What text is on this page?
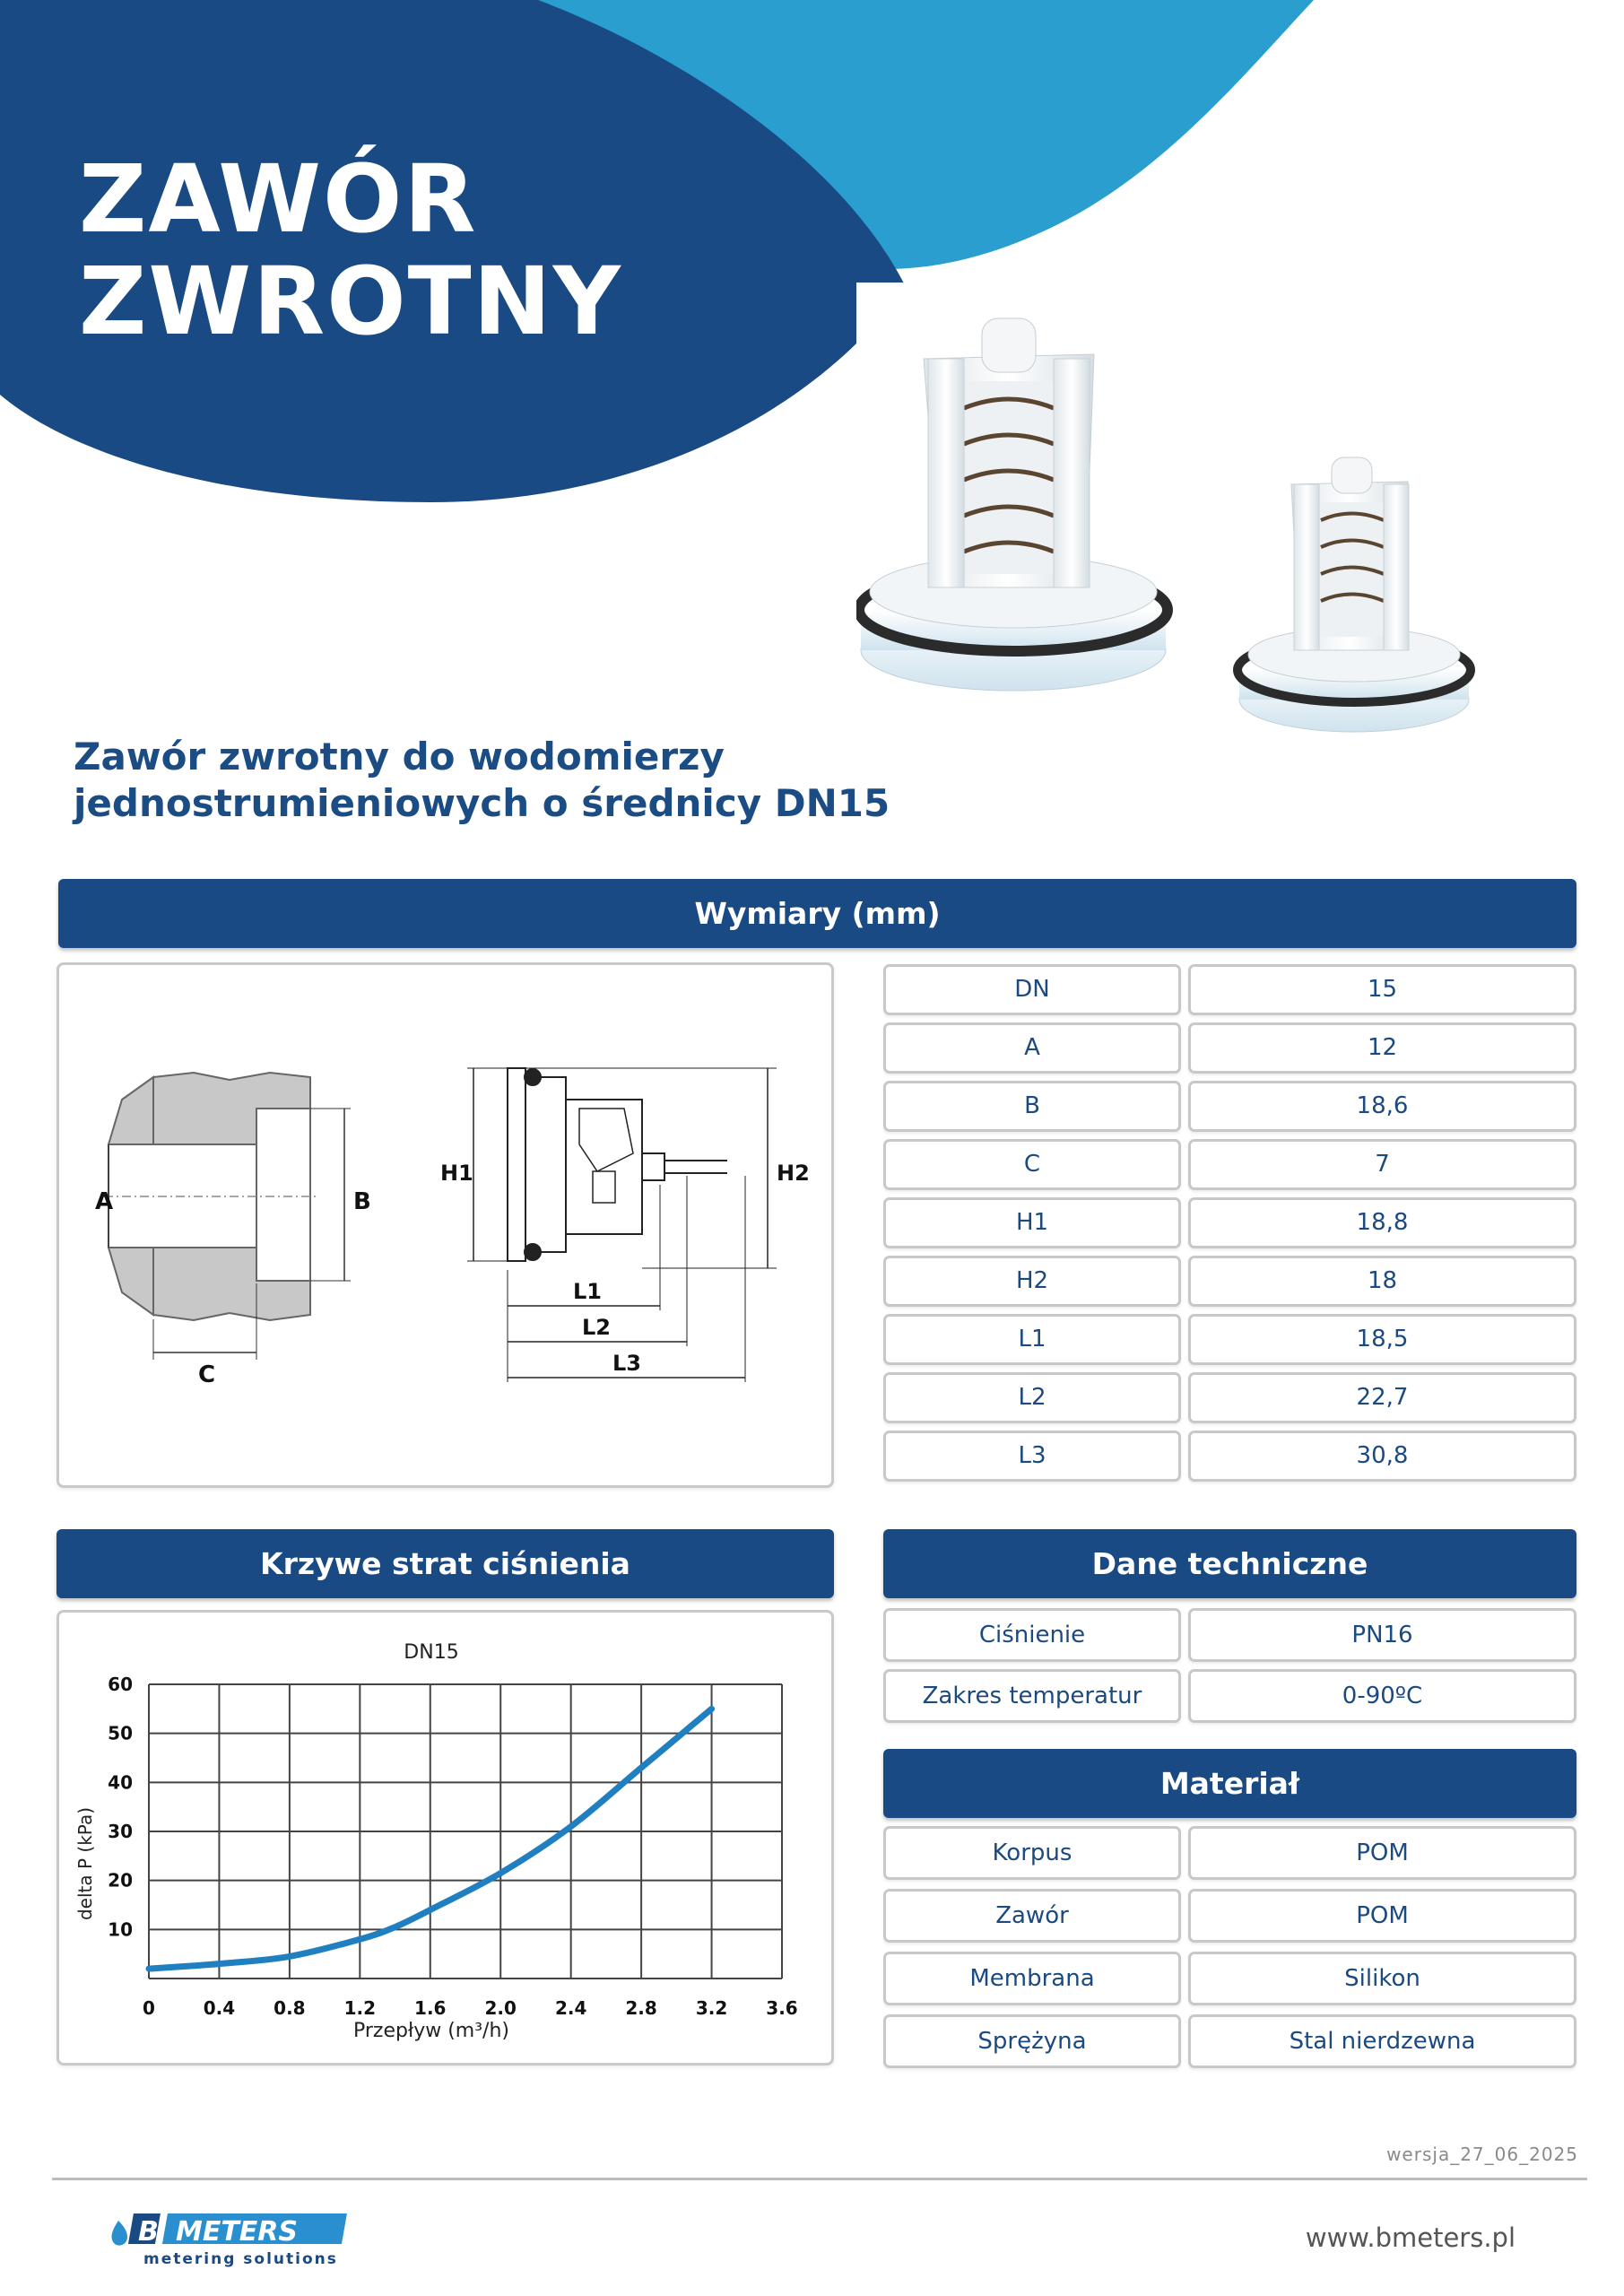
ZAWÓR
ZWROTNY
Zawór zwrotny do wodomierzy
jednostrumieniowych o średnicy DN15
Wymiary (mm)
A	B
C
H1	H2
L1
L2
L3
DN	15
A	12
B	18,6
C	7
H1	18,8
H2	18
L1	18,5
L2	22,7
L3	30,8
Krzywe strat ciśnienia
DN15
10
20
30
40
50
60
0	0.4 0.8 1.2 1.6 2.0 2.4 2.8 3.2 3.6
Przepływ (m³/h)
delta P (kPa)
Dane techniczne
Ciśnienie	PN16
Zakres temperatur	0-90ºC
Materiał
Korpus	POM
Zawór	POM
Membrana	Silikon
Sprężyna	Stal nierdzewna
wersja_27_06_2025
B METERS
metering solutions
www.bmeters.pl
